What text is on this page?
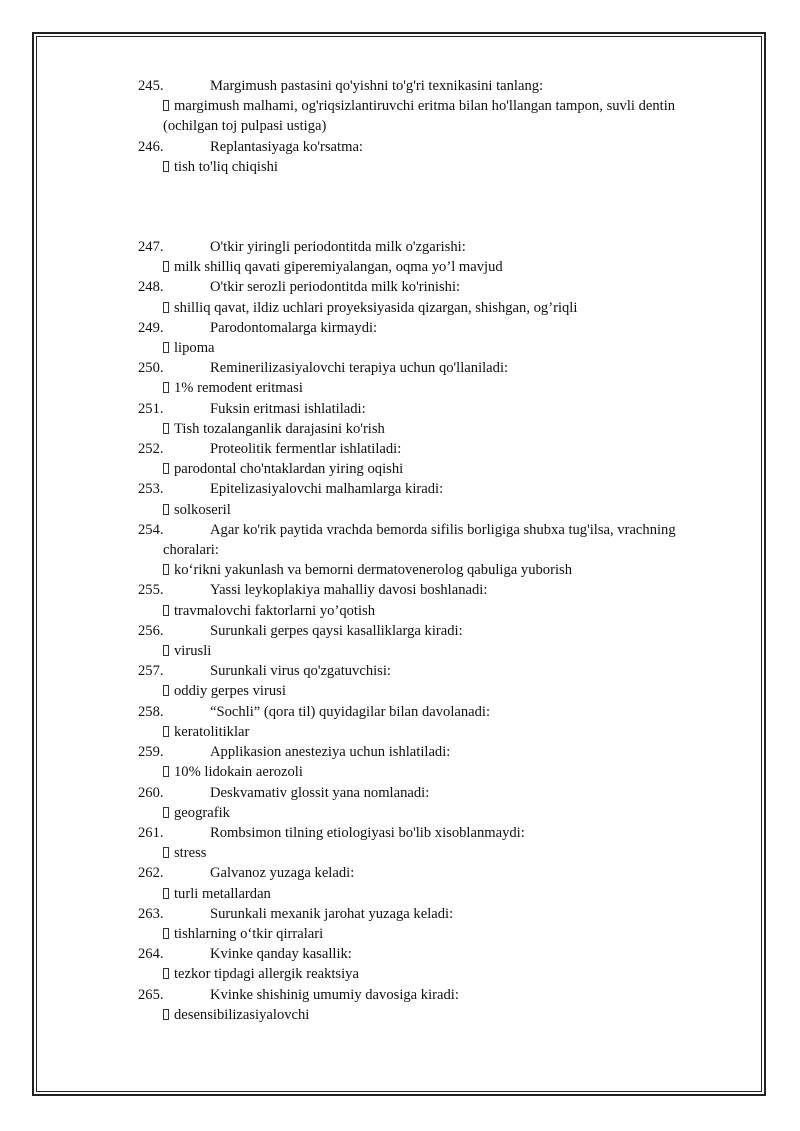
245.	Margimush pastasini qo'yishni to'g'ri texnikasini tanlang:
margimush malhami, og'riqsizlantiruvchi eritma bilan ho'llangan tampon, suvli dentin
(ochilgan toj pulpasi ustiga)
246.	Replantasiyaga ko'rsatma:
tish to'liq chiqishi
247.	O'tkir yiringli periodontitda milk o'zgarishi:
milk shilliq qavati giperemiyalangan, oqma yo’l mavjud
248.	O'tkir serozli periodontitda milk ko'rinishi:
shilliq qavat, ildiz uchlari proyeksiyasida qizargan, shishgan, og’riqli
249.	Parodontomalarga kirmaydi:
lipoma
250.	Reminerilizasiyalovchi terapiya uchun qo'llaniladi:
1% remodent eritmasi
251.	Fuksin eritmasi ishlatiladi:
Tish tozalanganlik darajasini ko'rish
252.	Proteolitik fermentlar ishlatiladi:
parodontal cho'ntaklardan yiring oqishi
253.	Epitelizasiyalovchi malhamlarga kiradi:
solkoseril
254.	Agar ko'rik paytida vrachda bemorda sifilis borligiga shubxa tug'ilsa, vrachning
choralari:
ko‘rikni yakunlash va bemorni dermatovenerolog qabuliga yuborish
255.	Yassi leykoplakiya mahalliy davosi boshlanadi:
travmalovchi faktorlarni yo’qotish
256.	Surunkali gerpes qaysi kasalliklarga kiradi:
virusli
257.	Surunkali virus qo'zgatuvchisi:
oddiy gerpes virusi
258.	“Sochli” (qora til) quyidagilar bilan davolanadi:
keratolitiklar
259.	Applikasion anesteziya uchun ishlatiladi:
10% lidokain aerozoli
260.	Deskvamativ glossit yana nomlanadi:
geografik
261.	Rombsimon tilning etiologiyasi bo'lib xisoblanmaydi:
stress
262.	Galvanoz yuzaga keladi:
turli metallardan
263.	Surunkali mexanik jarohat yuzaga keladi:
tishlarning o‘tkir qirralari
264.	Kvinke qanday kasallik:
tezkor tipdagi allergik reaktsiya
265.	Kvinke shishinig umumiy davosiga kiradi:
desensibilizasiyalovchi
